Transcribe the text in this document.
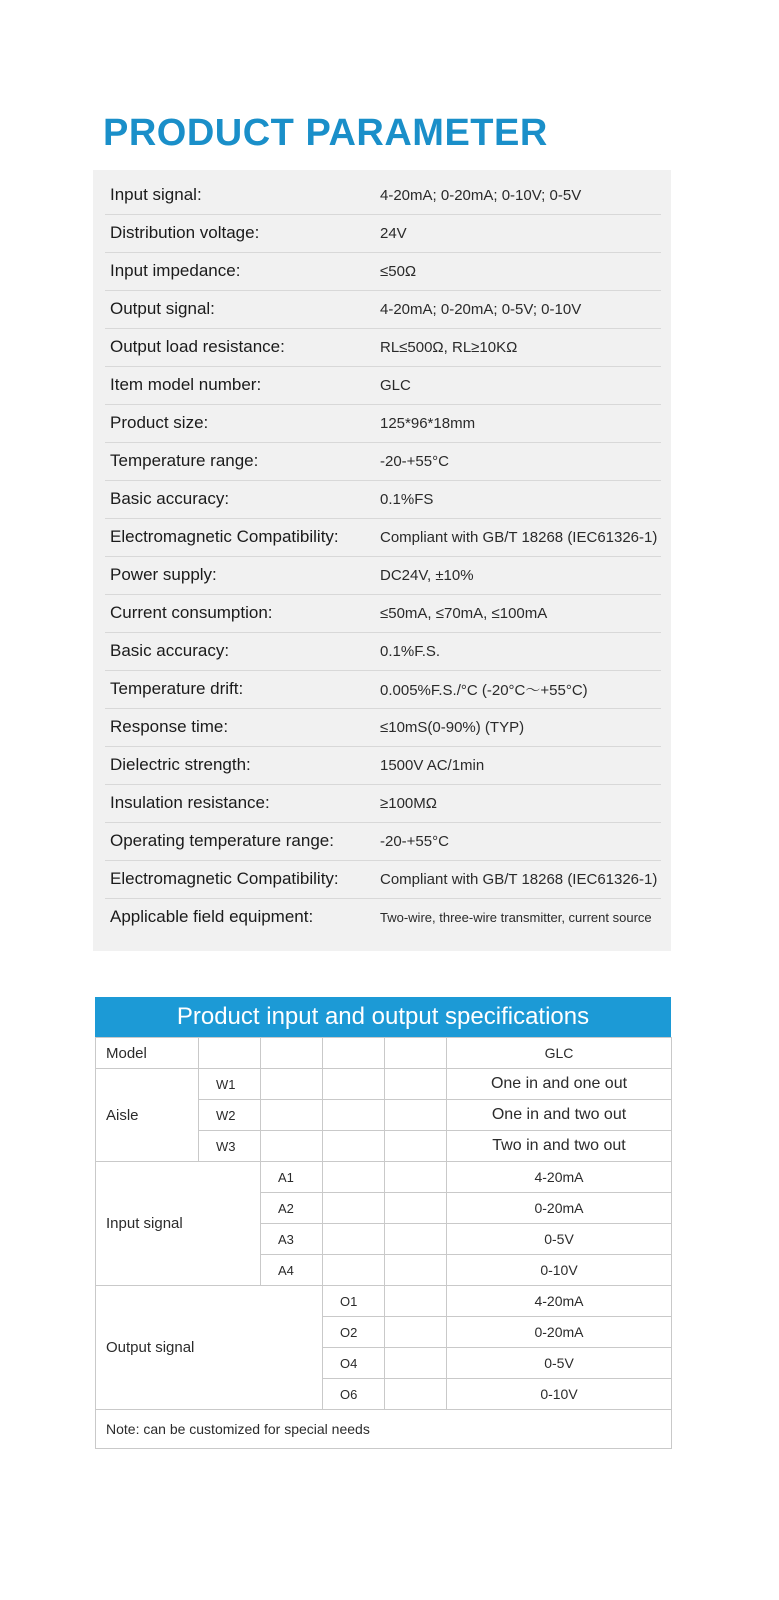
PRODUCT PARAMETER
Input signal:	4-20mA; 0-20mA; 0-10V; 0-5V
Distribution voltage:	24V
Input impedance:	≤50Ω
Output signal:	4-20mA; 0-20mA; 0-5V; 0-10V
Output load resistance:	RL≤500Ω, RL≥10KΩ
Item model number:	GLC
Product size:	125*96*18mm
Temperature range:	-20-+55°C
Basic accuracy:	0.1%FS
Electromagnetic Compatibility:	Compliant with GB/T 18268 (IEC61326-1)
Power supply:	DC24V, ±10%
Current consumption:	≤50mA, ≤70mA, ≤100mA
Basic accuracy:	0.1%F.S.
Temperature drift:	0.005%F.S./°C (-20°C～+55°C)
Response time:	≤10mS(0-90%) (TYP)
Dielectric strength:	1500V AC/1min
Insulation resistance:	≥100MΩ
Operating temperature range:	-20-+55°C
Electromagnetic Compatibility:	Compliant with GB/T 18268 (IEC61326-1)
Applicable field equipment:	Two-wire, three-wire transmitter, current source
Product input and output specifications
Model					GLC
Aisle	W1				One in and one out
	W2				One in and two out
	W3				Two in and two out
Input signal		A1			4-20mA
		A2			0-20mA
		A3			0-5V
		A4			0-10V
Output signal			O1		4-20mA
			O2		0-20mA
			O4		0-5V
			O6		0-10V
Note: can be customized for special needs					
